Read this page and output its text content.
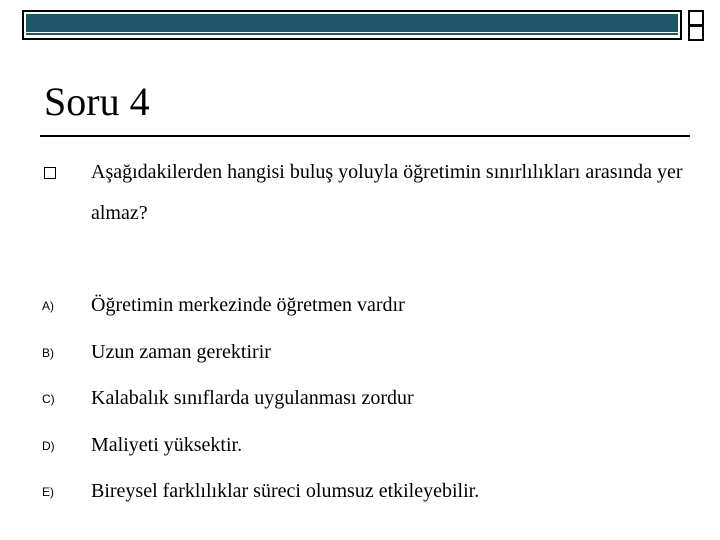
Soru 4

Aşağıdakilerden hangisi buluş yoluyla öğretimin sınırlılıkları arasında yer almaz?

A) Öğretimin merkezinde öğretmen vardır
B) Uzun zaman gerektirir
C) Kalabalık sınıflarda uygulanması zordur
D) Maliyeti yüksektir.
E) Bireysel farklılıklar süreci olumsuz etkileyebilir.
